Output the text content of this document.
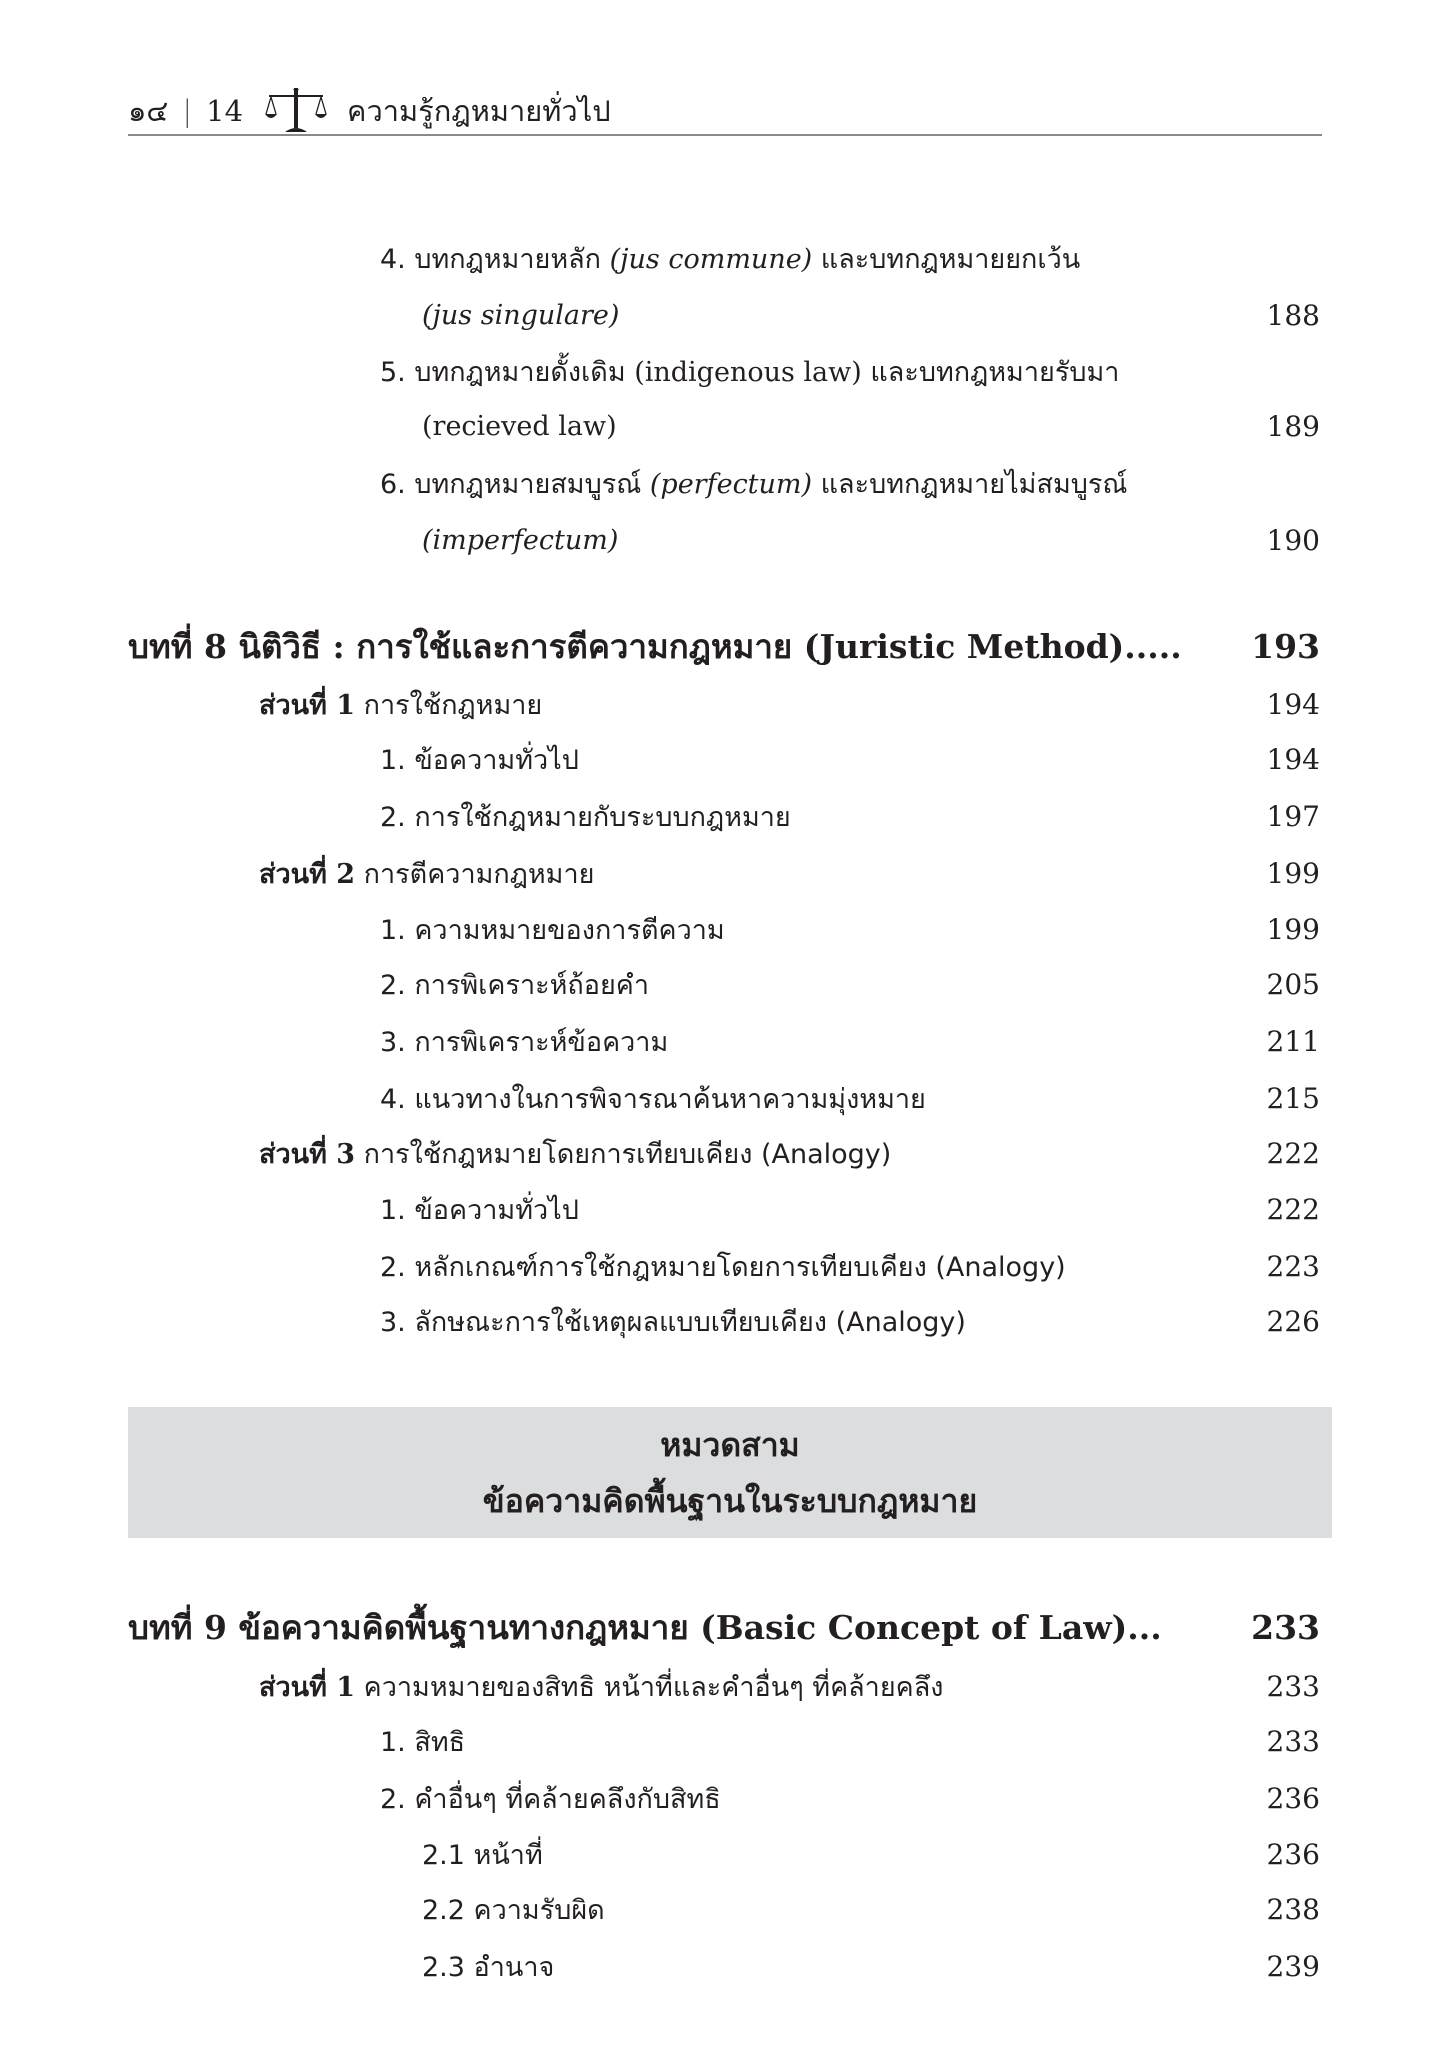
๑๔ | 14	ความรู้กฎหมายทั่วไป
4. บทกฎหมายหลัก (jus commune) และบทกฎหมายยกเว้น
(jus singulare)	188
5. บทกฎหมายดั้งเดิม (indigenous law) และบทกฎหมายรับมา
(recieved law)	189
6. บทกฎหมายสมบูรณ์ (perfectum) และบทกฎหมายไม่สมบูรณ์
(imperfectum)	190
บทที่ 8 นิติวิธี : การใช้และการตีความกฎหมาย (Juristic Method)..... 193
ส่วนที่ 1 การใช้กฎหมาย	194
1. ข้อความทั่วไป	194
2. การใช้กฎหมายกับระบบกฎหมาย	197
ส่วนที่ 2 การตีความกฎหมาย	199
1. ความหมายของการตีความ	199
2. การพิเคราะห์ถ้อยคำ	205
3. การพิเคราะห์ข้อความ	211
4. แนวทางในการพิจารณาค้นหาความมุ่งหมาย	215
ส่วนที่ 3 การใช้กฎหมายโดยการเทียบเคียง (Analogy)	222
1. ข้อความทั่วไป	222
2. หลักเกณฑ์การใช้กฎหมายโดยการเทียบเคียง (Analogy)	223
3. ลักษณะการใช้เหตุผลแบบเทียบเคียง (Analogy)	226
หมวดสาม
ข้อความคิดพื้นฐานในระบบกฎหมาย
บทที่ 9 ข้อความคิดพื้นฐานทางกฎหมาย (Basic Concept of Law)...	233
ส่วนที่ 1 ความหมายของสิทธิ หน้าที่และคำอื่นๆ ที่คล้ายคลึง	233
1. สิทธิ	233
2. คำอื่นๆ ที่คล้ายคลึงกับสิทธิ	236
2.1 หน้าที่	236
2.2 ความรับผิด	238
2.3 อำนาจ	239
